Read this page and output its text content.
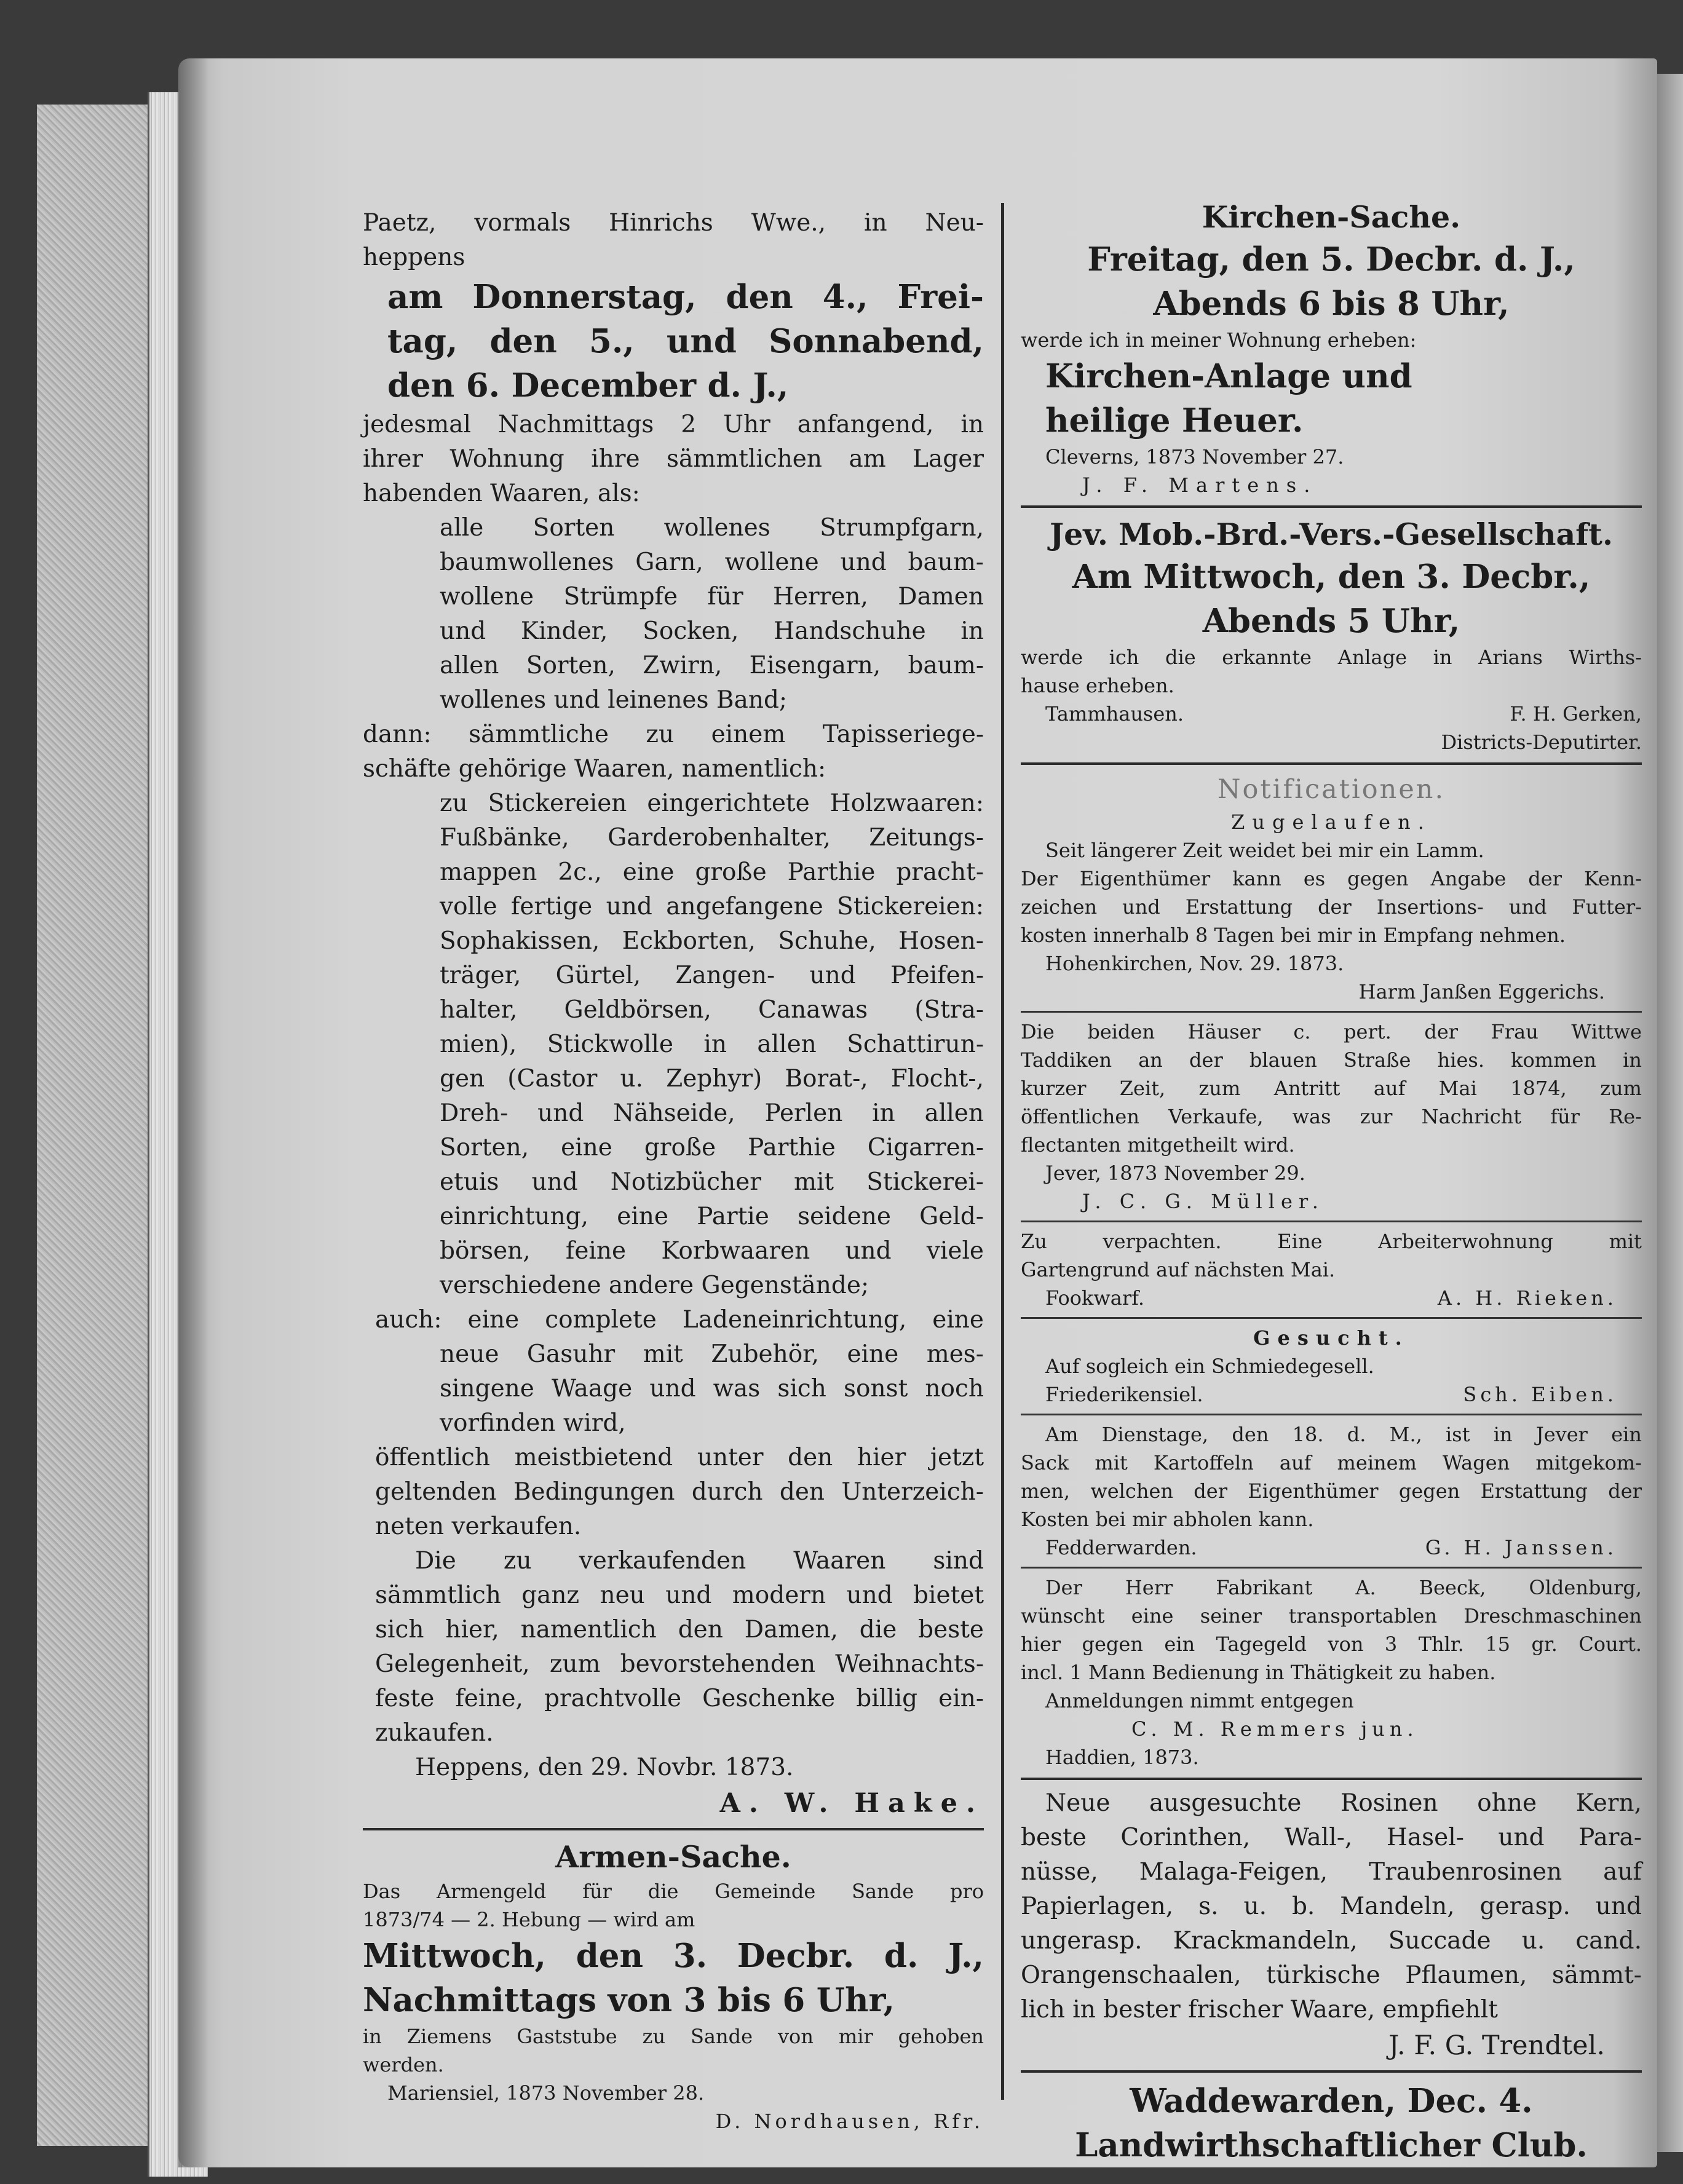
Paetz, vormals Hinrichs Wwe., in Neu-
heppens
am Donnerstag, den 4., Frei-
tag, den 5., und Sonnabend,
den 6. December d. J.,
jedesmal Nachmittags 2 Uhr anfangend, in
ihrer Wohnung ihre sämmtlichen am Lager
habenden Waaren, als:
alle Sorten wollenes Strumpfgarn,
baumwollenes Garn, wollene und baum-
wollene Strümpfe für Herren, Damen
und Kinder, Socken, Handschuhe in
allen Sorten, Zwirn, Eisengarn, baum-
wollenes und leinenes Band;
dann: sämmtliche zu einem Tapisseriege-
schäfte gehörige Waaren, namentlich:
zu Stickereien eingerichtete Holzwaaren:
Fußbänke, Garderobenhalter, Zeitungs-
mappen 2c., eine große Parthie pracht-
volle fertige und angefangene Stickereien:
Sophakissen, Eckborten, Schuhe, Hosen-
träger, Gürtel, Zangen- und Pfeifen-
halter, Geldbörsen, Canawas (Stra-
mien), Stickwolle in allen Schattirun-
gen (Castor u. Zephyr) Borat-, Flocht-,
Dreh- und Nähseide, Perlen in allen
Sorten, eine große Parthie Cigarren-
etuis und Notizbücher mit Stickerei-
einrichtung, eine Partie seidene Geld-
börsen, feine Korbwaaren und viele
verschiedene andere Gegenstände;
auch: eine complete Ladeneinrichtung, eine
neue Gasuhr mit Zubehör, eine mes-
singene Waage und was sich sonst noch
vorfinden wird,
öffentlich meistbietend unter den hier jetzt
geltenden Bedingungen durch den Unterzeich-
neten verkaufen.
Die zu verkaufenden Waaren sind
sämmtlich ganz neu und modern und bietet
sich hier, namentlich den Damen, die beste
Gelegenheit, zum bevorstehenden Weihnachts-
feste feine, prachtvolle Geschenke billig ein-
zukaufen.
Heppens, den 29. Novbr. 1873.
A. W. Hake.
Armen-Sache.
Das Armengeld für die Gemeinde Sande pro
1873/74 — 2. Hebung — wird am
Mittwoch, den 3. Decbr. d. J.,
Nachmittags von 3 bis 6 Uhr,
in Ziemens Gaststube zu Sande von mir gehoben
werden.
Mariensiel, 1873 November 28.
D. Nordhausen, Rfr.
Kirchen-Sache.
Freitag, den 5. Decbr. d. J.,
Abends 6 bis 8 Uhr,
werde ich in meiner Wohnung erheben:
Kirchen-Anlage und
heilige Heuer.
Cleverns, 1873 November 27.
J. F. Martens.
Jev. Mob.-Brd.-Vers.-Gesellschaft.
Am Mittwoch, den 3. Decbr.,
Abends 5 Uhr,
werde ich die erkannte Anlage in Arians Wirths-
hause erheben.
Tammhausen.	F. H. Gerken,
Districts-Deputirter.
Notificationen.
Zugelaufen.
Seit längerer Zeit weidet bei mir ein Lamm.
Der Eigenthümer kann es gegen Angabe der Kenn-
zeichen und Erstattung der Insertions- und Futter-
kosten innerhalb 8 Tagen bei mir in Empfang nehmen.
Hohenkirchen, Nov. 29. 1873.
Harm Janßen Eggerichs.
Die beiden Häuser c. pert. der Frau Wittwe
Taddiken an der blauen Straße hies. kommen in
kurzer Zeit, zum Antritt auf Mai 1874, zum
öffentlichen Verkaufe, was zur Nachricht für Re-
flectanten mitgetheilt wird.
Jever, 1873 November 29.
J. C. G. Müller.
Zu verpachten. Eine Arbeiterwohnung mit
Gartengrund auf nächsten Mai.
Fookwarf.	A. H. Rieken.
Gesucht.
Auf sogleich ein Schmiedegesell.
Friederikensiel.	Sch. Eiben.
Am Dienstage, den 18. d. M., ist in Jever ein
Sack mit Kartoffeln auf meinem Wagen mitgekom-
men, welchen der Eigenthümer gegen Erstattung der
Kosten bei mir abholen kann.
Fedderwarden.	G. H. Janssen.
Der Herr Fabrikant A. Beeck, Oldenburg,
wünscht eine seiner transportablen Dreschmaschinen
hier gegen ein Tagegeld von 3 Thlr. 15 gr. Court.
incl. 1 Mann Bedienung in Thätigkeit zu haben.
Anmeldungen nimmt entgegen
C. M. Remmers jun.
Haddien, 1873.
Neue ausgesuchte Rosinen ohne Kern,
beste Corinthen, Wall-, Hasel- und Para-
nüsse, Malaga-Feigen, Traubenrosinen auf
Papierlagen, s. u. b. Mandeln, gerasp. und
ungerasp. Krackmandeln, Succade u. cand.
Orangenschaalen, türkische Pflaumen, sämmt-
lich in bester frischer Waare, empfiehlt
J. F. G. Trendtel.
Waddewarden, Dec. 4.
Landwirthschaftlicher Club.
